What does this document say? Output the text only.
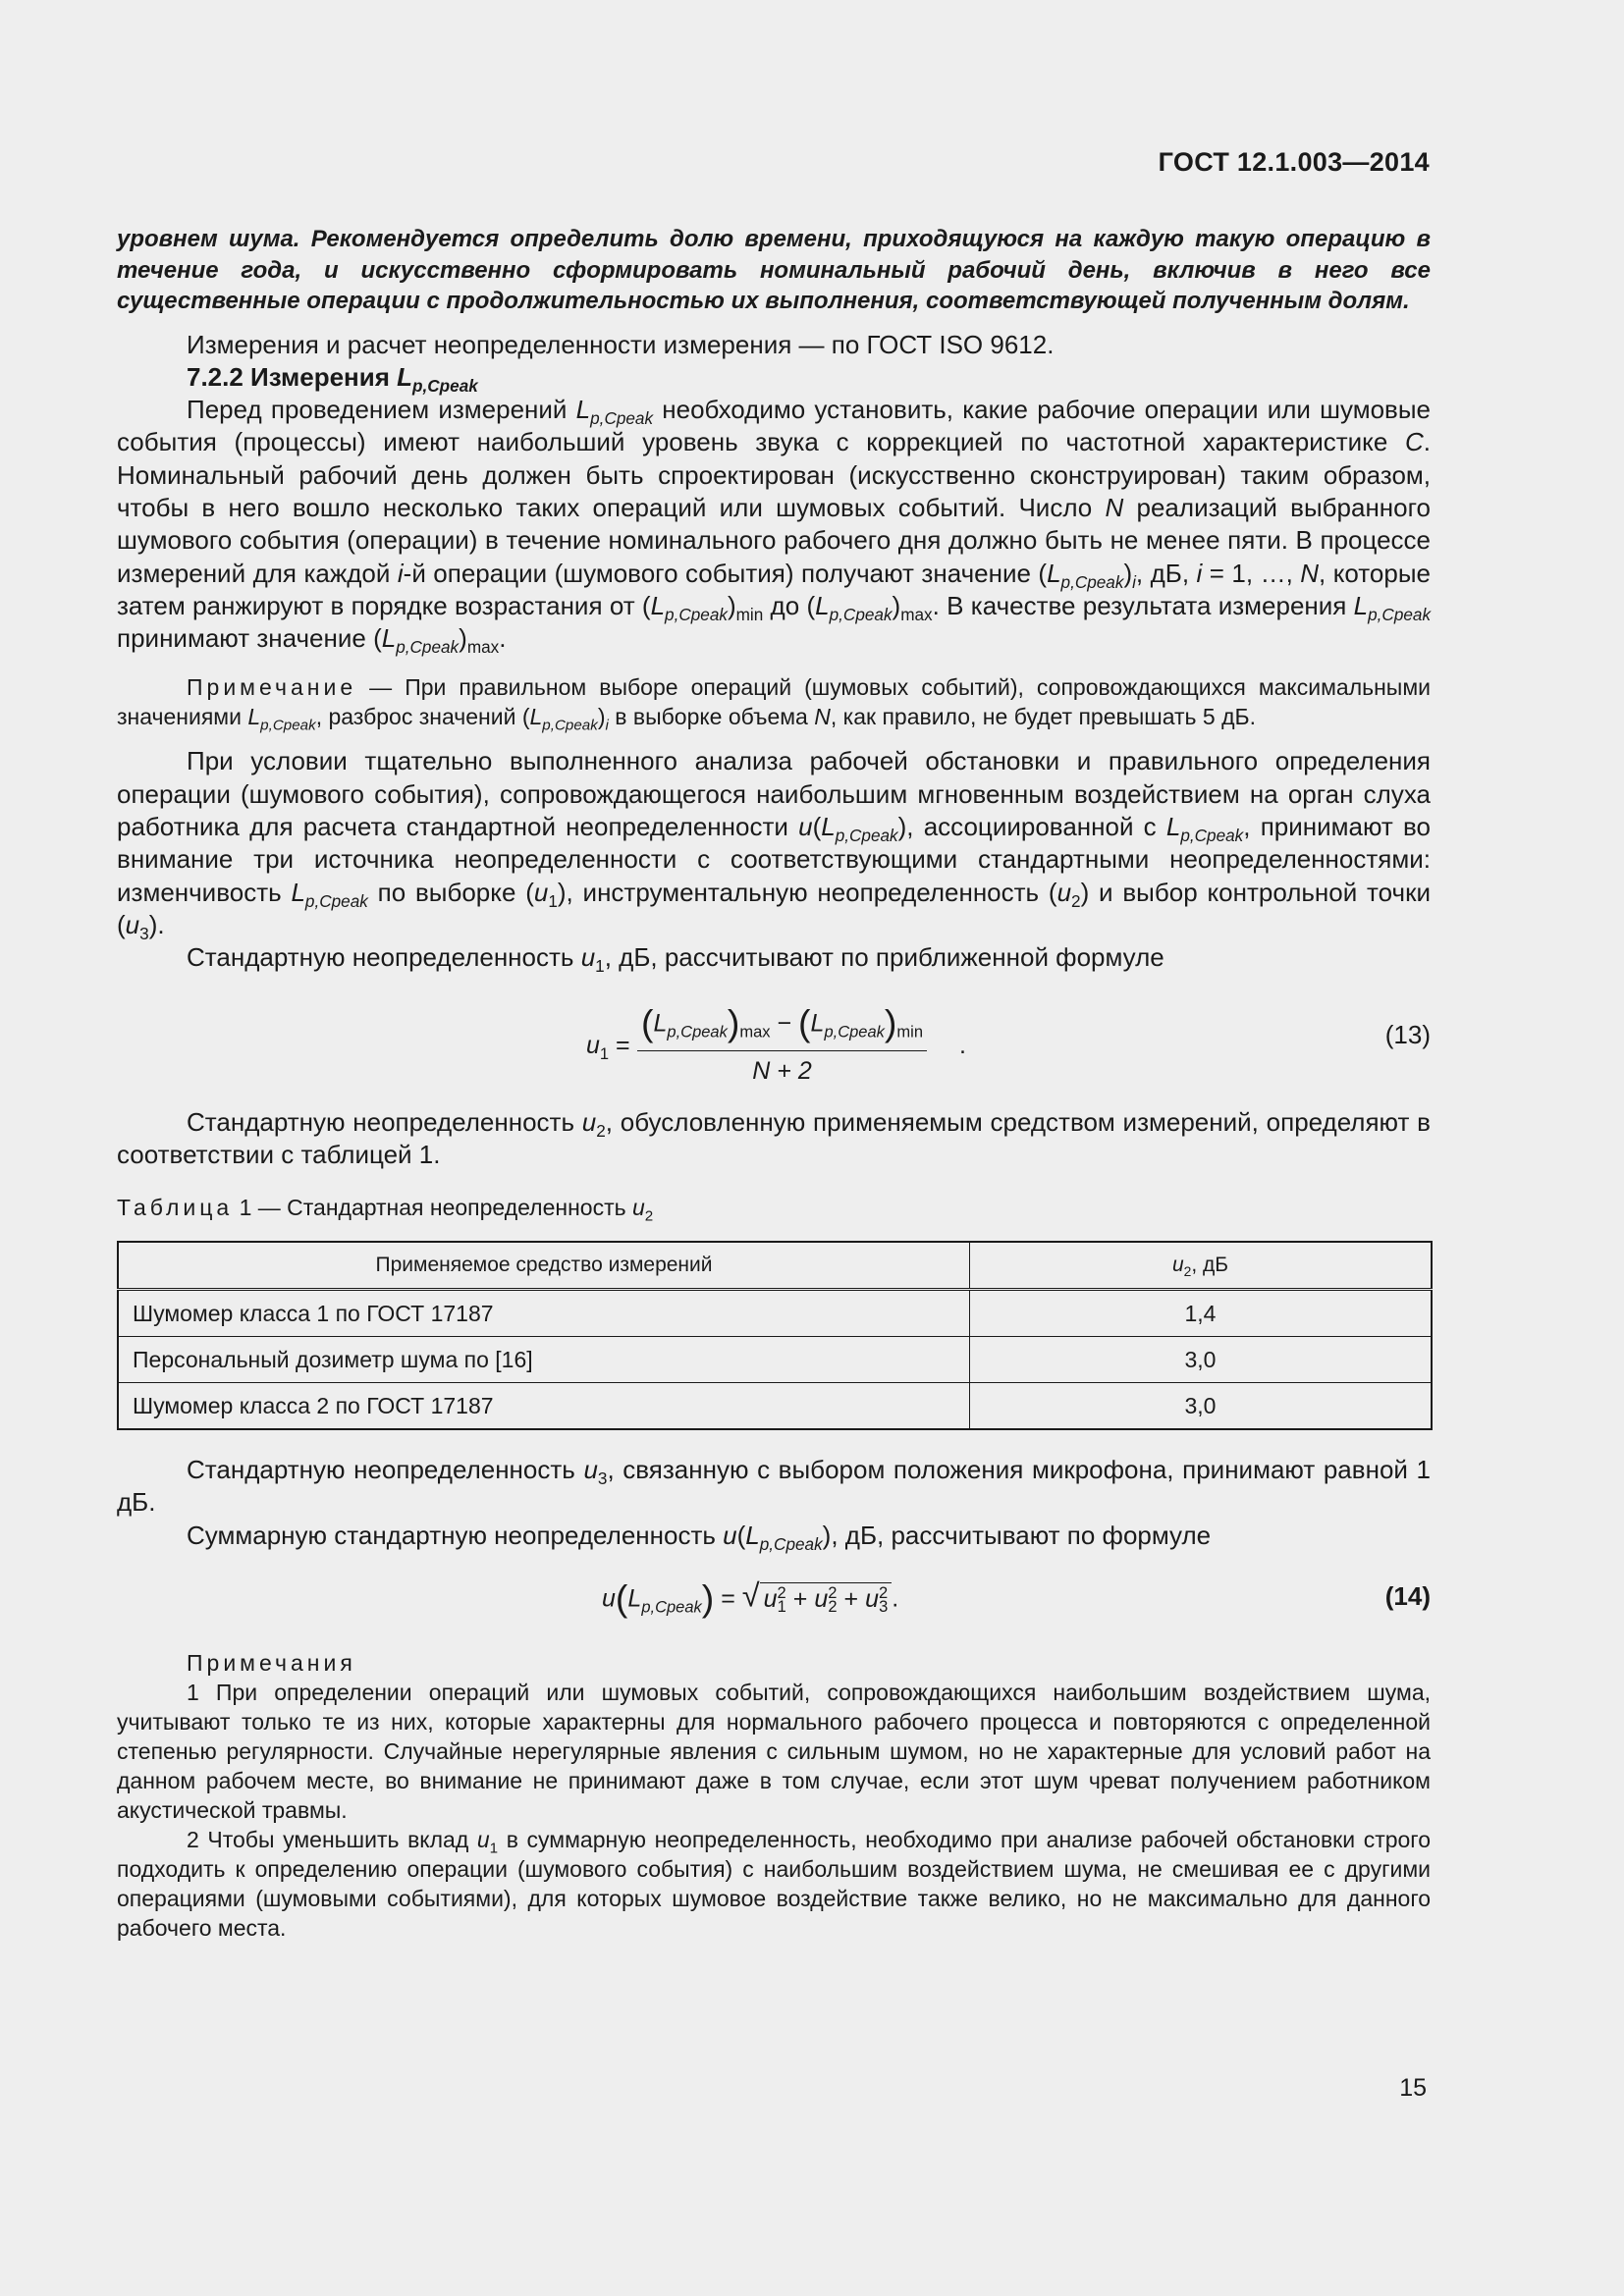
ГОСТ 12.1.003—2014

уровнем шума. Рекомендуется определить долю времени, приходящуюся на каждую такую операцию в течение года, и искусственно сформировать номинальный рабочий день, включив в него все существенные операции с продолжительностью их выполнения, соответствующей полученным долям.

Измерения и расчет неопределенности измерения — по ГОСТ ISO 9612.

7.2.2 Измерения $L_{p,Cpeak}$

Перед проведением измерений $L_{p,Cpeak}$ необходимо установить, какие рабочие операции или шумовые события (процессы) имеют наибольший уровень звука с коррекцией по частотной характеристике С. Номинальный рабочий день должен быть спроектирован (искусственно сконструирован) таким образом, чтобы в него вошло несколько таких операций или шумовых событий. Число N реализаций выбранного шумового события (операции) в течение номинального рабочего дня должно быть не менее пяти. В процессе измерений для каждой i-й операции (шумового события) получают значение $(L_{p,Cpeak})_i$, дБ, i = 1, …, N, которые затем ранжируют в порядке возрастания от $(L_{p,Cpeak})_{min}$ до $(L_{p,Cpeak})_{max}$. В качестве результата измерения $L_{p,Cpeak}$ принимают значение $(L_{p,Cpeak})_{max}$.

Примечание — При правильном выборе операций (шумовых событий), сопровождающихся максимальными значениями $L_{p,Cpeak}$, разброс значений $(L_{p,Cpeak})_i$ в выборке объема N, как правило, не будет превышать 5 дБ.

При условии тщательно выполненного анализа рабочей обстановки и правильного определения операции (шумового события), сопровождающегося наибольшим мгновенным воздействием на орган слуха работника для расчета стандартной неопределенности $u(L_{p,Cpeak})$, ассоциированной с $L_{p,Cpeak}$, принимают во внимание три источника неопределенности с соответствующими стандартными неопределенностями: изменчивость $L_{p,Cpeak}$ по выборке $(u_1)$, инструментальную неопределенность $(u_2)$ и выбор контрольной точки $(u_3)$.

Стандартную неопределенность $u_1$, дБ, рассчитывают по приближенной формуле

$u_1$ =
$(L_{p,Cpeak})_{max} - (L_{p,Cpeak})_{min}$
N + 2
.	(13)

Стандартную неопределенность $u_2$, обусловленную применяемым средством измерений, определяют в соответствии с таблицей 1.

Таблица 1 — Стандартная неопределенность $u_2$
Применяемое средство измерений	$u_2$, дБ
Шумомер класса 1 по ГОСТ 17187	1,4
Персональный дозиметр шума по [16]	3,0
Шумомер класса 2 по ГОСТ 17187	3,0

Стандартную неопределенность $u_3$, связанную с выбором положения микрофона, принимают равной 1 дБ.

Суммарную стандартную неопределенность $u(L_{p,Cpeak})$, дБ, рассчитывают по формуле

$u(L_{p,Cpeak})$ = √ $u^2_1 + u^2_2 + u^2_3$ .	(14)

Примечания

1 При определении операций или шумовых событий, сопровождающихся наибольшим воздействием шума, учитывают только те из них, которые характерны для нормального рабочего процесса и повторяются с определенной степенью регулярности. Случайные нерегулярные явления с сильным шумом, но не характерные для условий работ на данном рабочем месте, во внимание не принимают даже в том случае, если этот шум чреват получением работником акустической травмы.

2 Чтобы уменьшить вклад $u_1$ в суммарную неопределенность, необходимо при анализе рабочей обстановки строго подходить к определению операции (шумового события) с наибольшим воздействием шума, не смешивая ее с другими операциями (шумовыми событиями), для которых шумовое воздействие также велико, но не максимально для данного рабочего места.

15
